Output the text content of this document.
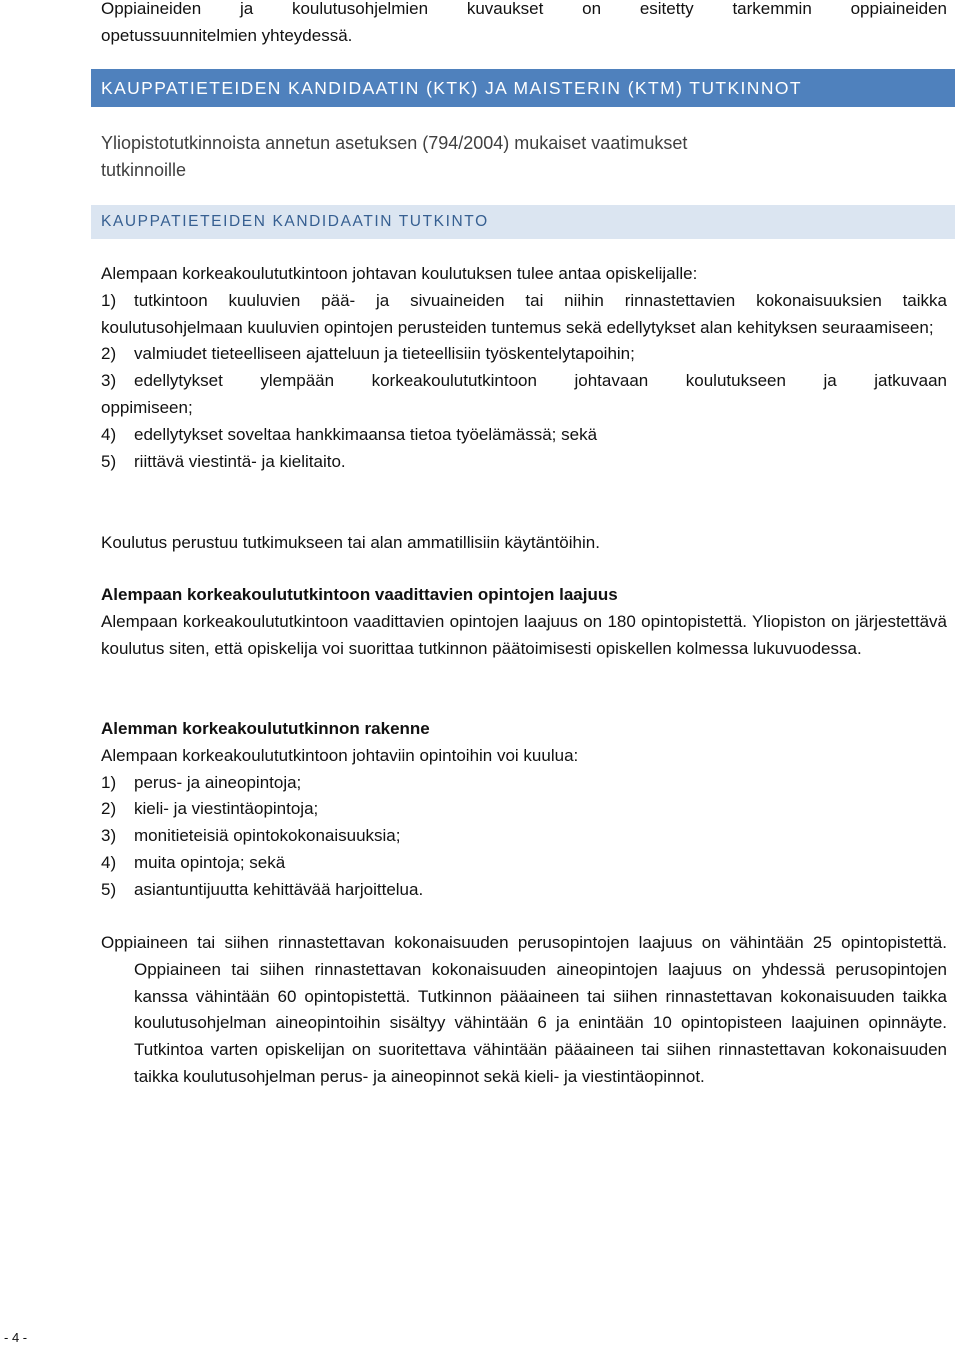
Oppiaineiden ja koulutusohjelmien kuvaukset on esitetty tarkemmin oppiaineiden

opetussuunnitelmien yhteydessä.

KAUPPATIETEIDEN KANDIDAATIN (KTK) JA MAISTERIN (KTM) TUTKINNOT
Yliopistotutkinnoista annetun asetuksen (794/2004) mukaiset vaatimukset
tutkinnoille
KAUPPATIETEIDEN KANDIDAATIN TUTKINTO

Alempaan korkeakoulututkintoon johtavan koulutuksen tulee antaa opiskelijalle:

1)	tutkintoon kuuluvien pää- ja sivuaineiden tai niihin rinnastettavien kokonaisuuksien taikka

koulutusohjelmaan kuuluvien opintojen perusteiden tuntemus sekä edellytykset alan kehityksen seuraamiseen;

2)	valmiudet tieteelliseen ajatteluun ja tieteellisiin työskentelytapoihin;
3)	edellytykset ylempään korkeakoulututkintoon johtavaan koulutukseen ja jatkuvaan

oppimiseen;

4)	edellytykset soveltaa hankkimaansa tietoa työelämässä; sekä
5)	riittävä viestintä- ja kielitaito.

Koulutus perustuu tutkimukseen tai alan ammatillisiin käytäntöihin.

Alempaan korkeakoulututkintoon vaadittavien opintojen laajuus

Alempaan korkeakoulututkintoon vaadittavien opintojen laajuus on 180 opintopistettä. Yliopiston on järjestettävä koulutus siten, että opiskelija voi suorittaa tutkinnon päätoimisesti opiskellen kolmessa lukuvuodessa.

Alemman korkeakoulututkinnon rakenne

Alempaan korkeakoulututkintoon johtaviin opintoihin voi kuulua:

1)	perus- ja aineopintoja;
2)	kieli- ja viestintäopintoja;
3)	monitieteisiä opintokokonaisuuksia;
4)	muita opintoja; sekä
5)	asiantuntijuutta kehittävää harjoittelua.

Oppiaineen tai siihen rinnastettavan kokonaisuuden perusopintojen laajuus on vähintään 25 opintopistettä. Oppiaineen tai siihen rinnastettavan kokonaisuuden aineopintojen laajuus on yhdessä perusopintojen kanssa vähintään 60 opintopistettä. Tutkinnon pääaineen tai siihen rinnastettavan kokonaisuuden taikka koulutusohjelman aineopintoihin sisältyy vähintään 6 ja enintään 10 opintopisteen laajuinen opinnäyte. Tutkintoa varten opiskelijan on suoritettava vähintään pääaineen tai siihen rinnastettavan kokonaisuuden taikka koulutusohjelman perus- ja aineopinnot sekä kieli- ja viestintäopinnot.

- 4 -
